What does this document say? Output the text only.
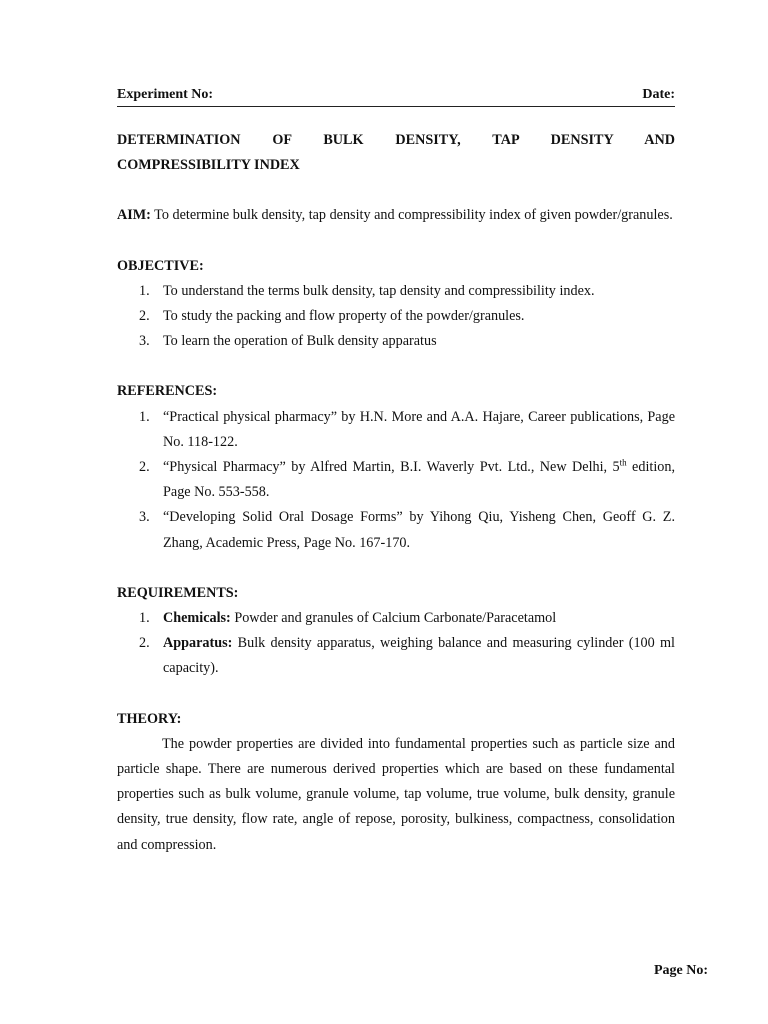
Experiment No:	Date:
DETERMINATION OF BULK DENSITY, TAP DENSITY AND
COMPRESSIBILITY INDEX

AIM: To determine bulk density, tap density and compressibility index of given powder/granules.

OBJECTIVE:
1. To understand the terms bulk density, tap density and compressibility index.
2. To study the packing and flow property of the powder/granules.
3. To learn the operation of Bulk density apparatus
REFERENCES:
1. “Practical physical pharmacy” by H.N. More and A.A. Hajare, Career publications, Page No. 118-122.
2. “Physical Pharmacy” by Alfred Martin, B.I. Waverly Pvt. Ltd., New Delhi, 5th edition, Page No. 553-558.
3. “Developing Solid Oral Dosage Forms” by Yihong Qiu, Yisheng Chen, Geoff G. Z. Zhang, Academic Press, Page No. 167-170.
REQUIREMENTS:
1. Chemicals: Powder and granules of Calcium Carbonate/Paracetamol
2. Apparatus: Bulk density apparatus, weighing balance and measuring cylinder (100 ml capacity).
THEORY:

The powder properties are divided into fundamental properties such as particle size and particle shape. There are numerous derived properties which are based on these fundamental properties such as bulk volume, granule volume, tap volume, true volume, bulk density, granule density, true density, flow rate, angle of repose, porosity, bulkiness, compactness, consolidation and compression.

Page No:
